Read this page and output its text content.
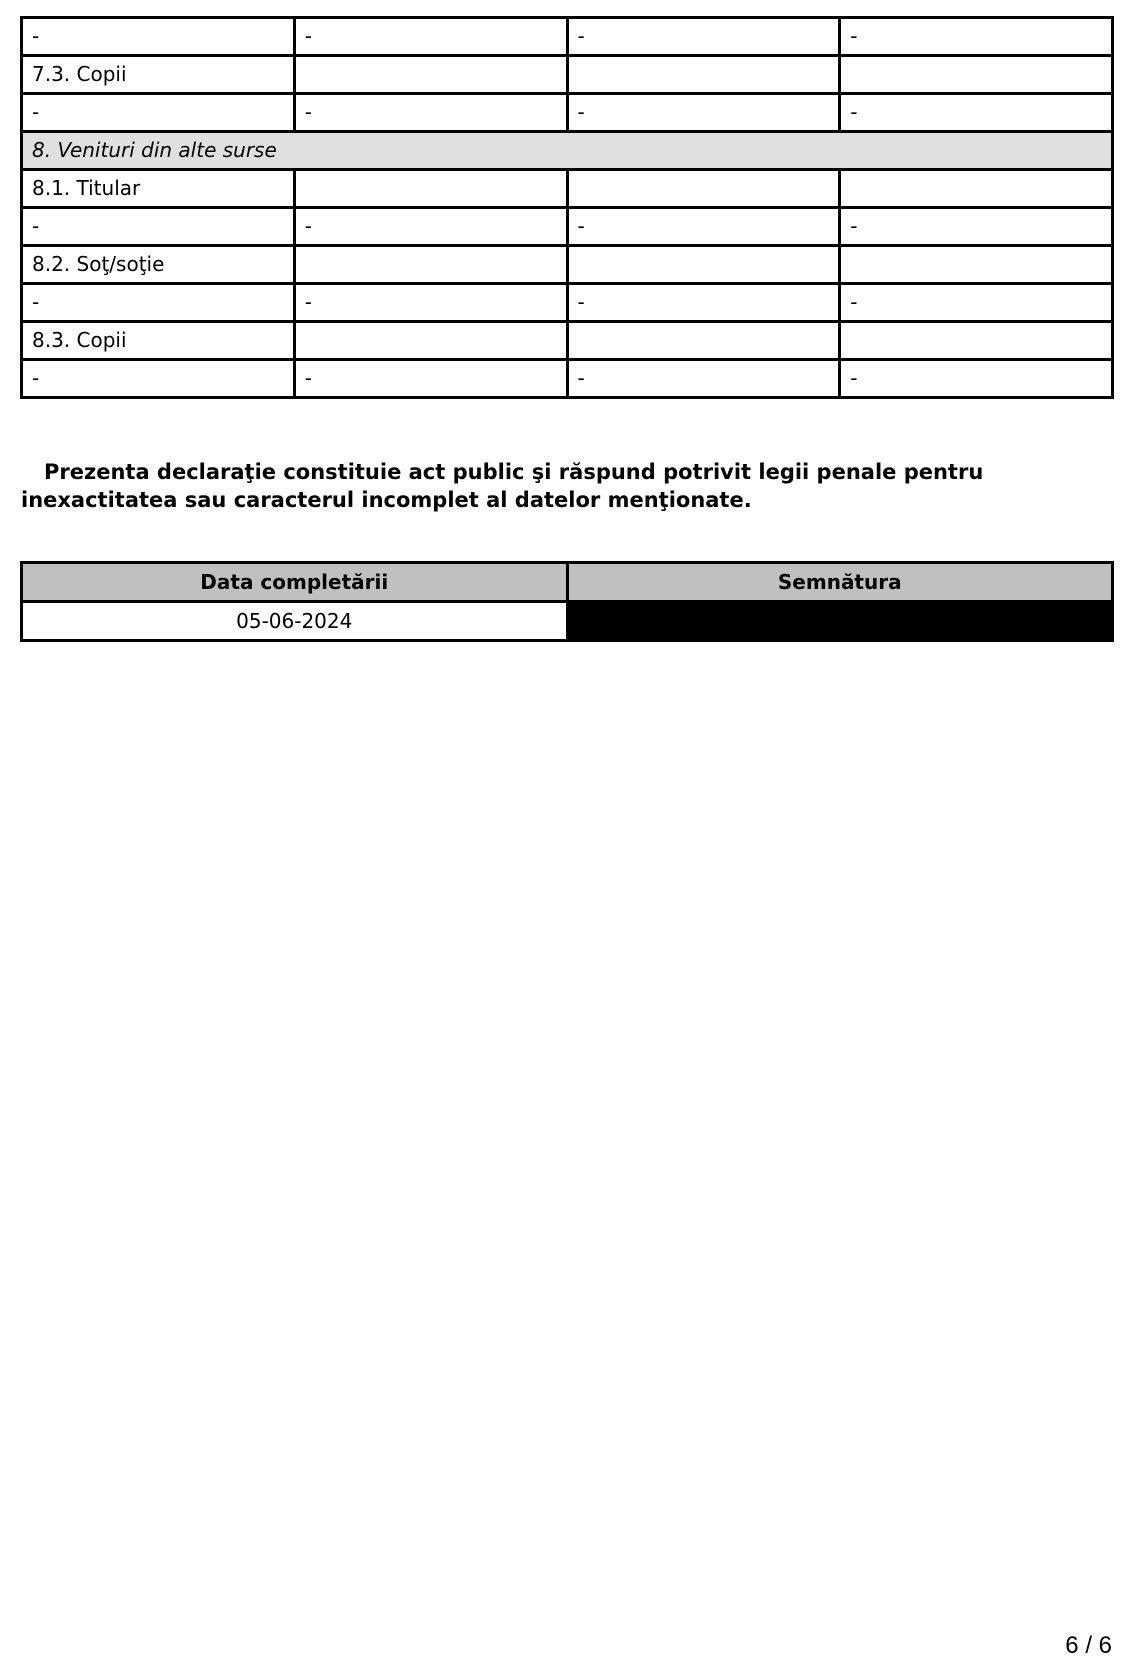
-	-	-	-
7.3. Copii			
-	-	-	-
8. Venituri din alte surse			
8.1. Titular			
-	-	-	-
8.2. Soţ/soţie			
-	-	-	-
8.3. Copii			
-	-	-	-

Prezenta declaraţie constituie act public şi răspund potrivit legii penale pentru inexactitatea sau caracterul incomplet al datelor menţionate.

Data completării	Semnătura
05-06-2024	
6 / 6
